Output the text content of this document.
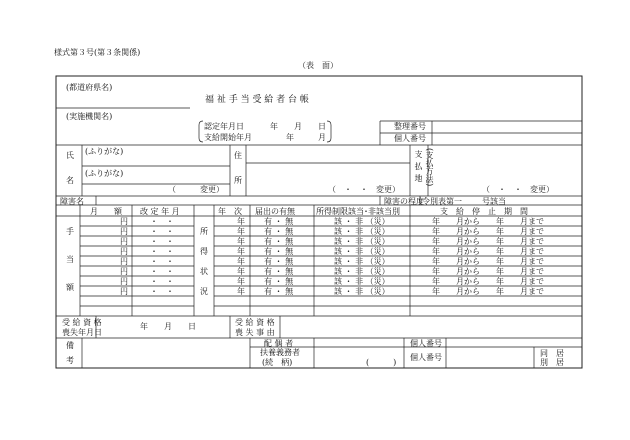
様式第３号(第３条関係)
（表　面）
(都道府県名)
(実施機関名)
福 祉 手 当 受 給 者 台 帳
認定年月日	年　　月　　日
支給開始年月	年　　　月
整理番号
個人番号
氏
名
(ふりがな)
(ふりがな)
（　　　変更）
住
所
（　・　・　変更）
(支払方法)
支払地
（　・　・　変更）
障害名	障害の程度
令別表第一	号該当
手
当
額
月　　額 改 定 年 月	年　次 届出の有無	所得制限該当･非該当別	支　給　停　止　期　間
所
得
状
況
円	・　・	年 有 ・ 無	該 ・ 非 （災）	年　　月から 年　　月まで
円	・　・	年 有 ・ 無	該 ・ 非 （災）	年　　月から 年　　月まで
円	・　・	年 有 ・ 無	該 ・ 非 （災）	年　　月から 年　　月まで
円	・　・	年 有 ・ 無	該 ・ 非 （災）	年　　月から 年　　月まで
円	・　・	年 有 ・ 無	該 ・ 非 （災）	年　　月から 年　　月まで
円	・　・	年 有 ・ 無	該 ・ 非 （災）	年　　月から 年　　月まで
円	・　・	年 有 ・ 無	該 ・ 非 （災）	年　　月から 年　　月まで
円	・　・	年 有 ・ 無	該 ・ 非 （災）	年　　月から 年　　月まで
受 給 資 格
喪失年月日
年　　月　　日	受 給 資 格
喪 失 事 由
備
考
配 偶 者
扶養義務者
(続　柄)	(　　　)
個人番号
個人番号	同　居
別　居
